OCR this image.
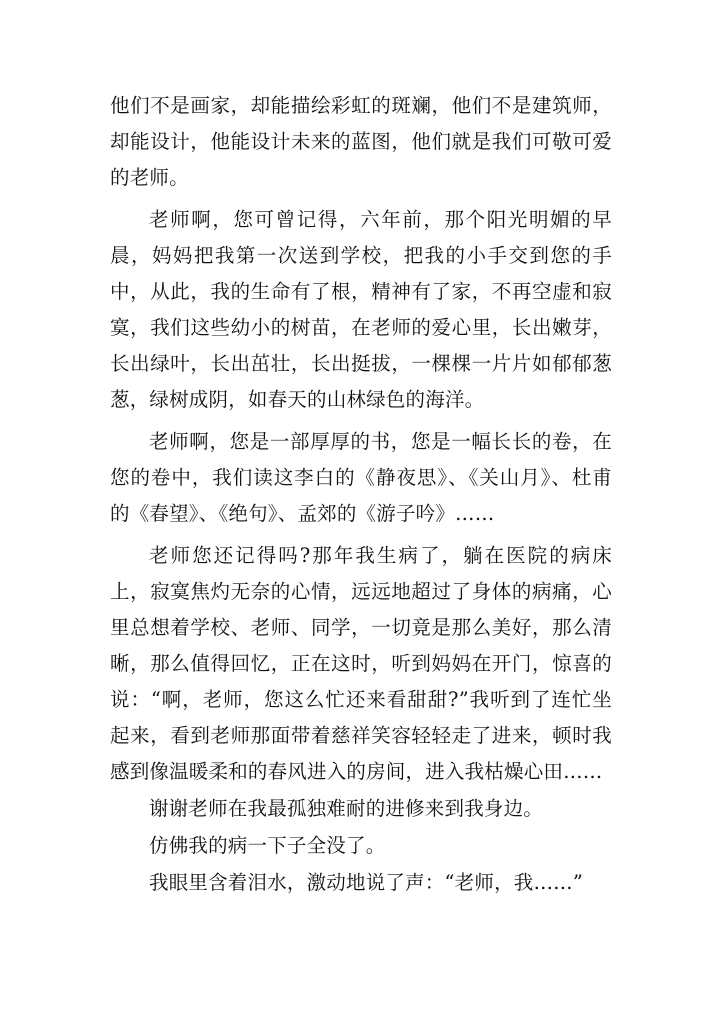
他们不是画家，却能描绘彩虹的斑斓，他们不是建筑师，却能设计，他能设计未来的蓝图，他们就是我们可敬可爱的老师。

老师啊，您可曾记得，六年前，那个阳光明媚的早晨，妈妈把我第一次送到学校，把我的小手交到您的手中，从此，我的生命有了根，精神有了家，不再空虚和寂寞，我们这些幼小的树苗，在老师的爱心里，长出嫩芽，长出绿叶，长出茁壮，长出挺拔，一棵棵一片片如郁郁葱葱，绿树成阴，如春天的山林绿色的海洋。

老师啊，您是一部厚厚的书，您是一幅长长的卷，在您的卷中，我们读这李白的《静夜思》、《关山月》、杜甫的《春望》、《绝句》、孟郊的《游子吟》……

老师您还记得吗?那年我生病了，躺在医院的病床上，寂寞焦灼无奈的心情，远远地超过了身体的病痛，心里总想着学校、老师、同学，一切竟是那么美好，那么清晰，那么值得回忆，正在这时，听到妈妈在开门，惊喜的说：“啊，老师，您这么忙还来看甜甜?”我听到了连忙坐起来，看到老师那面带着慈祥笑容轻轻走了进来，顿时我感到像温暖柔和的春风进入的房间，进入我枯燥心田……

谢谢老师在我最孤独难耐的进修来到我身边。

仿佛我的病一下子全没了。

我眼里含着泪水，激动地说了声：“老师，我……”
